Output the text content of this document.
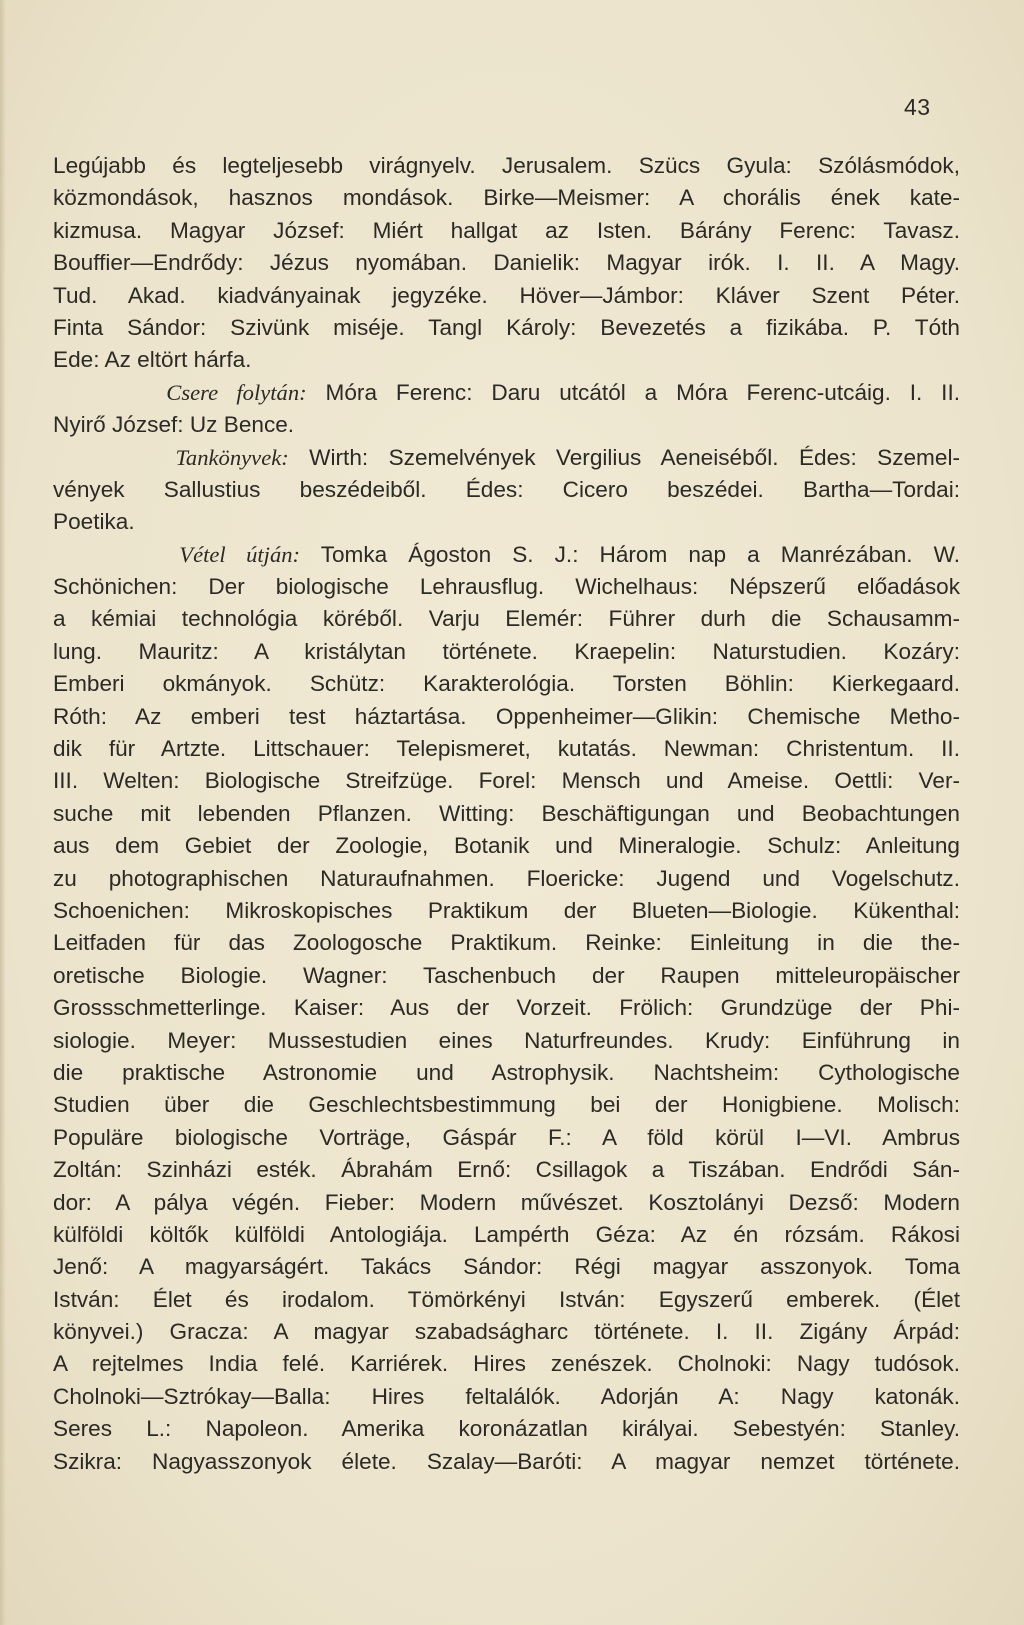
43
Legújabb és legteljesebb virágnyelv. Jerusalem. Szücs Gyula: Szólásmódok,
közmondások, hasznos mondások. Birke—Meismer: A chorális ének kate-
kizmusa. Magyar József: Miért hallgat az Isten. Bárány Ferenc: Tavasz.
Bouffier—Endrődy: Jézus nyomában. Danielik: Magyar irók. I. II. A Magy.
Tud. Akad. kiadványainak jegyzéke. Höver—Jámbor: Kláver Szent Péter.
Finta Sándor: Szivünk miséje. Tangl Károly: Bevezetés a fizikába. P. Tóth
Ede: Az eltört hárfa.
Csere folytán: Móra Ferenc: Daru utcától a Móra Ferenc-utcáig. I. II.
Nyirő József: Uz Bence.
Tankönyvek: Wirth: Szemelvények Vergilius Aeneiséből. Édes: Szemel-
vények Sallustius beszédeiből. Édes: Cicero beszédei. Bartha—Tordai:
Poetika.
Vétel útján: Tomka Ágoston S. J.: Három nap a Manrézában. W.
Schönichen: Der biologische Lehrausflug. Wichelhaus: Népszerű előadások
a kémiai technológia köréből. Varju Elemér: Führer durh die Schausamm-
lung. Mauritz: A kristálytan története. Kraepelin: Naturstudien. Kozáry:
Emberi okmányok. Schütz: Karakterológia. Torsten Böhlin: Kierkegaard.
Róth: Az emberi test háztartása. Oppenheimer—Glikin: Chemische Metho-
dik für Artzte. Littschauer: Telepismeret, kutatás. Newman: Christentum. II.
III. Welten: Biologische Streifzüge. Forel: Mensch und Ameise. Oettli: Ver-
suche mit lebenden Pflanzen. Witting: Beschäftigungan und Beobachtungen
aus dem Gebiet der Zoologie, Botanik und Mineralogie. Schulz: Anleitung
zu photographischen Naturaufnahmen. Floericke: Jugend und Vogelschutz.
Schoenichen: Mikroskopisches Praktikum der Blueten—Biologie. Kükenthal:
Leitfaden für das Zoologosche Praktikum. Reinke: Einleitung in die the-
oretische Biologie. Wagner: Taschenbuch der Raupen mitteleuropäischer
Grossschmetterlinge. Kaiser: Aus der Vorzeit. Frölich: Grundzüge der Phi-
siologie. Meyer: Mussestudien eines Naturfreundes. Krudy: Einführung in
die praktische Astronomie und Astrophysik. Nachtsheim: Cythologische
Studien über die Geschlechtsbestimmung bei der Honigbiene. Molisch:
Populäre biologische Vorträge, Gáspár F.: A föld körül I—VI. Ambrus
Zoltán: Szinházi esték. Ábrahám Ernő: Csillagok a Tiszában. Endrődi Sán-
dor: A pálya végén. Fieber: Modern művészet. Kosztolányi Dezső: Modern
külföldi költők külföldi Antologiája. Lampérth Géza: Az én rózsám. Rákosi
Jenő: A magyarságért. Takács Sándor: Régi magyar asszonyok. Toma
István: Élet és irodalom. Tömörkényi István: Egyszerű emberek. (Élet
könyvei.) Gracza: A magyar szabadságharc története. I. II. Zigány Árpád:
A rejtelmes India felé. Karriérek. Hires zenészek. Cholnoki: Nagy tudósok.
Cholnoki—Sztrókay—Balla: Hires feltalálók. Adorján A: Nagy katonák.
Seres L.: Napoleon. Amerika koronázatlan királyai. Sebestyén: Stanley.
Szikra: Nagyasszonyok élete. Szalay—Baróti: A magyar nemzet története.
